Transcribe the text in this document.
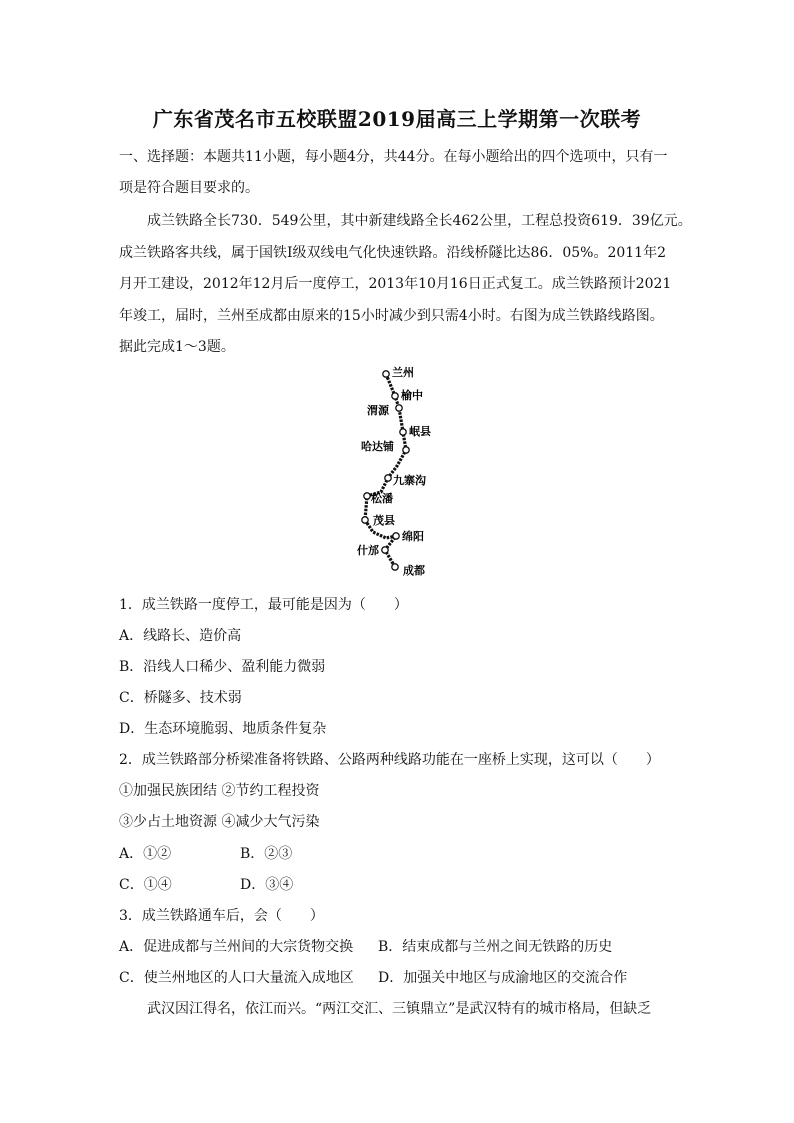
广东省茂名市五校联盟2019届高三上学期第一次联考
一、选择题：本题共11小题，每小题4分，共44分。在每小题给出的四个选项中，只有一
项是符合题目要求的。
成兰铁路全长730．549公里，其中新建线路全长462公里，工程总投资619．39亿元。
成兰铁路客共线，属于国铁Ⅰ级双线电气化快速铁路。沿线桥隧比达86．05%。2011年2
月开工建设，2012年12月后一度停工，2013年10月16日正式复工。成兰铁路预计2021
年竣工，届时，兰州至成都由原来的15小时减少到只需4小时。右图为成兰铁路线路图。
据此完成1～3题。
兰州
榆中
渭源
岷县
哈达铺
九寨沟
松潘
茂县
绵阳
什邡
成都
1．成兰铁路一度停工，最可能是因为（　　）
A．线路长、造价高
B．沿线人口稀少、盈利能力微弱
C．桥隧多、技术弱
D．生态环境脆弱、地质条件复杂
2．成兰铁路部分桥梁准备将铁路、公路两种线路功能在一座桥上实现，这可以（　　）
①加强民族团结 ②节约工程投资
③少占土地资源 ④减少大气污染
A．①②	B．②③
C．①④	D．③④
3．成兰铁路通车后，会（　　）
A．促进成都与兰州间的大宗货物交换 B．结束成都与兰州之间无铁路的历史
C．使兰州地区的人口大量流入成地区 D．加强关中地区与成渝地区的交流合作
武汉因江得名，依江而兴。“两江交汇、三镇鼎立”是武汉特有的城市格局，但缺乏
